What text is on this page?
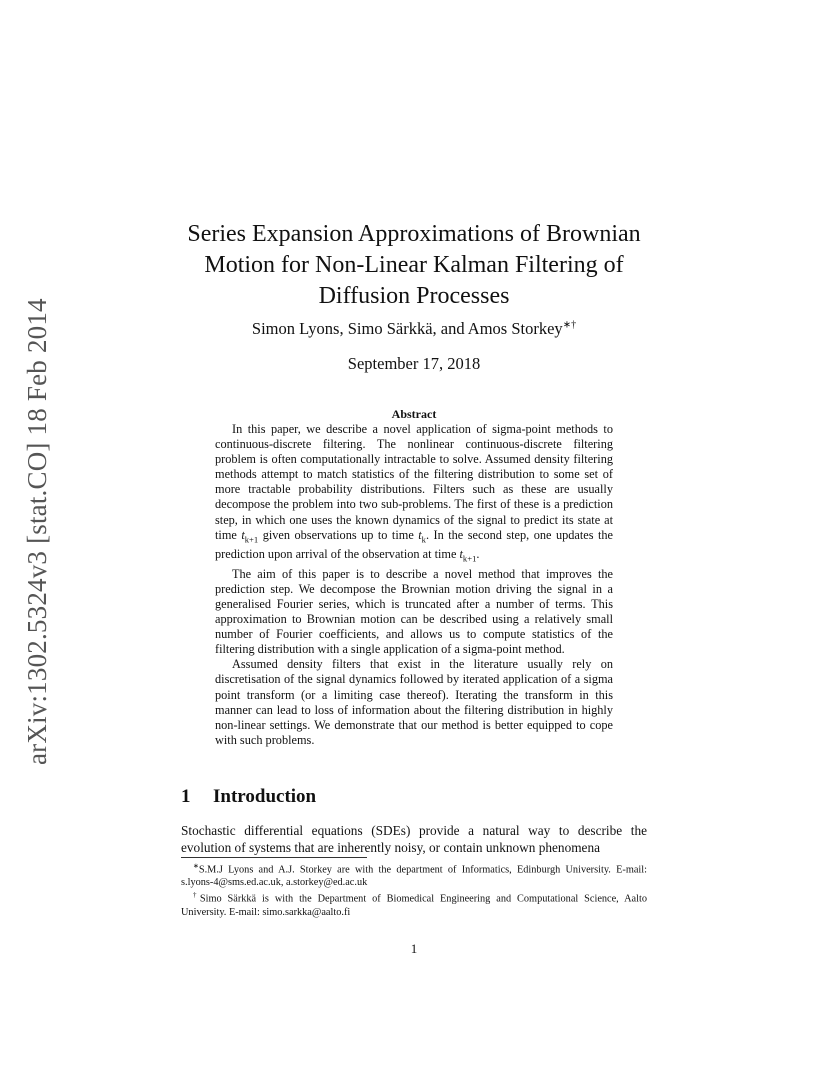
arXiv:1302.5324v3 [stat.CO] 18 Feb 2014
Series Expansion Approximations of Brownian Motion for Non-Linear Kalman Filtering of Diffusion Processes
Simon Lyons, Simo Särkkä, and Amos Storkey∗†
September 17, 2018
Abstract

In this paper, we describe a novel application of sigma-point methods to continuous-discrete filtering. The nonlinear continuous-discrete filtering problem is often computationally intractable to solve. Assumed density filtering methods attempt to match statistics of the filtering distribution to some set of more tractable probability distributions. Filters such as these are usually decompose the problem into two sub-problems. The first of these is a prediction step, in which one uses the known dynamics of the signal to predict its state at time $t_{k+1}$ given observations up to time $t_k$. In the second step, one updates the prediction upon arrival of the observation at time $t_{k+1}$.

The aim of this paper is to describe a novel method that improves the prediction step. We decompose the Brownian motion driving the signal in a generalised Fourier series, which is truncated after a number of terms. This approximation to Brownian motion can be described using a relatively small number of Fourier coefficients, and allows us to compute statistics of the filtering distribution with a single application of a sigma-point method.

Assumed density filters that exist in the literature usually rely on discretisation of the signal dynamics followed by iterated application of a sigma point transform (or a limiting case thereof). Iterating the transform in this manner can lead to loss of information about the filtering distribution in highly non-linear settings. We demonstrate that our method is better equipped to cope with such problems.

1 Introduction

Stochastic differential equations (SDEs) provide a natural way to describe the evolution of systems that are inherently noisy, or contain unknown phenomena

∗S.M.J Lyons and A.J. Storkey are with the department of Informatics, Edinburgh University. E-mail: s.lyons-4@sms.ed.ac.uk, a.storkey@ed.ac.uk

†Simo Särkkä is with the Department of Biomedical Engineering and Computational Science, Aalto University. E-mail: simo.sarkka@aalto.fi

1
